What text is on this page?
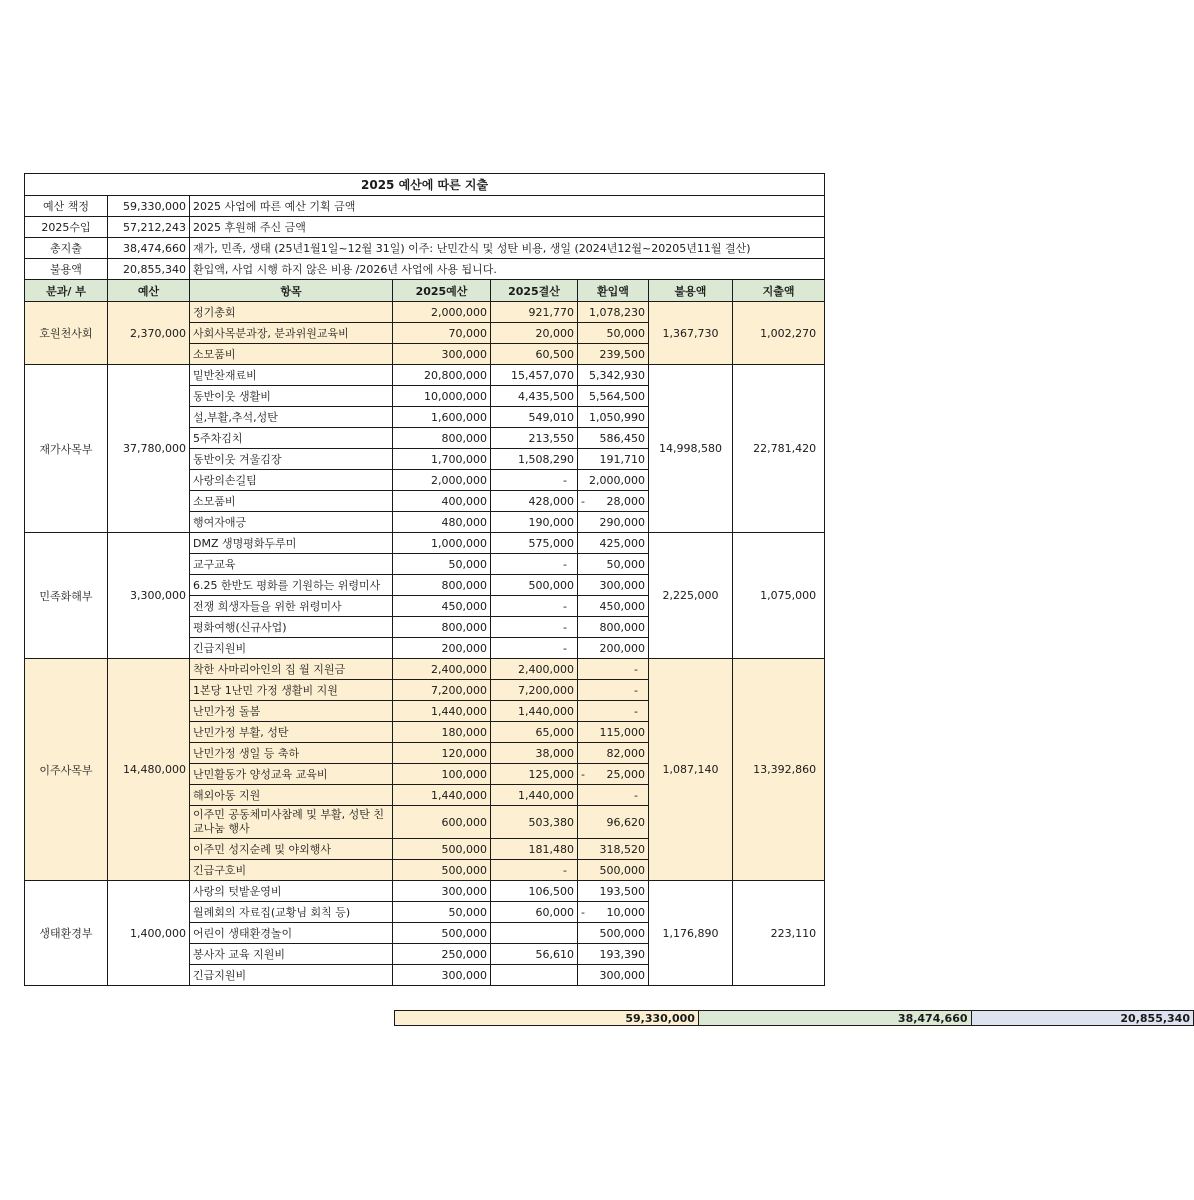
2025 예산에 따른 지출							
예산 책정	59,330,000	2025 사업에 따른 예산 기획 금액					
2025수입	57,212,243	2025 후원해 주신 금액					
총지출	38,474,660	재가, 민족, 생태 (25년1월1일~12월 31일) 이주: 난민간식 및 성탄 비용, 생일 (2024년12월~20205년11월 결산)					
불용액	20,855,340	환입액, 사업 시행 하지 않은 비용 /2026년 사업에 사용 됩니다.					
분과/ 부	예산	항목	2025예산	2025결산	환입액	불용액	지출액
호원천사회	2,370,000	정기총회	2,000,000	921,770	1,078,230	1,367,730	1,002,270
		사회사목분과장, 분과위원교육비	70,000	20,000	50,000		
		소모품비	300,000	60,500	239,500		
재가사목부	37,780,000	밑반찬재료비	20,800,000	15,457,070	5,342,930	14,998,580	22,781,420
		동반이웃 생활비	10,000,000	4,435,500	5,564,500		
		설,부활,추석,성탄	1,600,000	549,010	1,050,990		
		5주차김치	800,000	213,550	586,450		
		동반이웃 겨울김장	1,700,000	1,508,290	191,710		
		사랑의손길팀	2,000,000	-	2,000,000		
		소모품비	400,000	428,000	- 28,000		

		행여자애긍	480,000	190,000	290,000		
민족화해부	3,300,000	DMZ 생명평화두루미	1,000,000	575,000	425,000	2,225,000	1,075,000
		교구교육	50,000	-	50,000		
		6.25 한반도 평화를 기원하는 위령미사	800,000	500,000	300,000		
		전쟁 희생자들을 위한 위령미사	450,000	-	450,000		
		평화여행(신규사업)	800,000	-	800,000		
		긴급지원비	200,000	-	200,000		
이주사목부	14,480,000	착한 사마리아인의 집 월 지원금	2,400,000	2,400,000	-	1,087,140	13,392,860
		1본당 1난민 가정 생활비 지원	7,200,000	7,200,000	-		
		난민가정 돌봄	1,440,000	1,440,000	-		
		난민가정 부활, 성탄	180,000	65,000	115,000		
		난민가정 생일 등 축하	120,000	38,000	82,000		
		난민활동가 양성교육 교육비	100,000	125,000	- 25,000		

		해외아동 지원	1,440,000	1,440,000	-		
		이주민 공동체미사참례 및 부활, 성탄 친교나눔 행사	600,000	503,380	96,620		
		이주민 성지순례 및 야외행사	500,000	181,480	318,520		
		긴급구호비	500,000	-	500,000		
생태환경부	1,400,000	사랑의 텃밭운영비	300,000	106,500	193,500	1,176,890	223,110
		월례회의 자료집(교황님 회칙 등)	50,000	60,000	- 10,000		

		어린이 생태환경놀이	500,000		500,000		
		봉사자 교육 지원비	250,000	56,610	193,390		
		긴급지원비	300,000		300,000		
59,330,000	38,474,660	20,855,340
